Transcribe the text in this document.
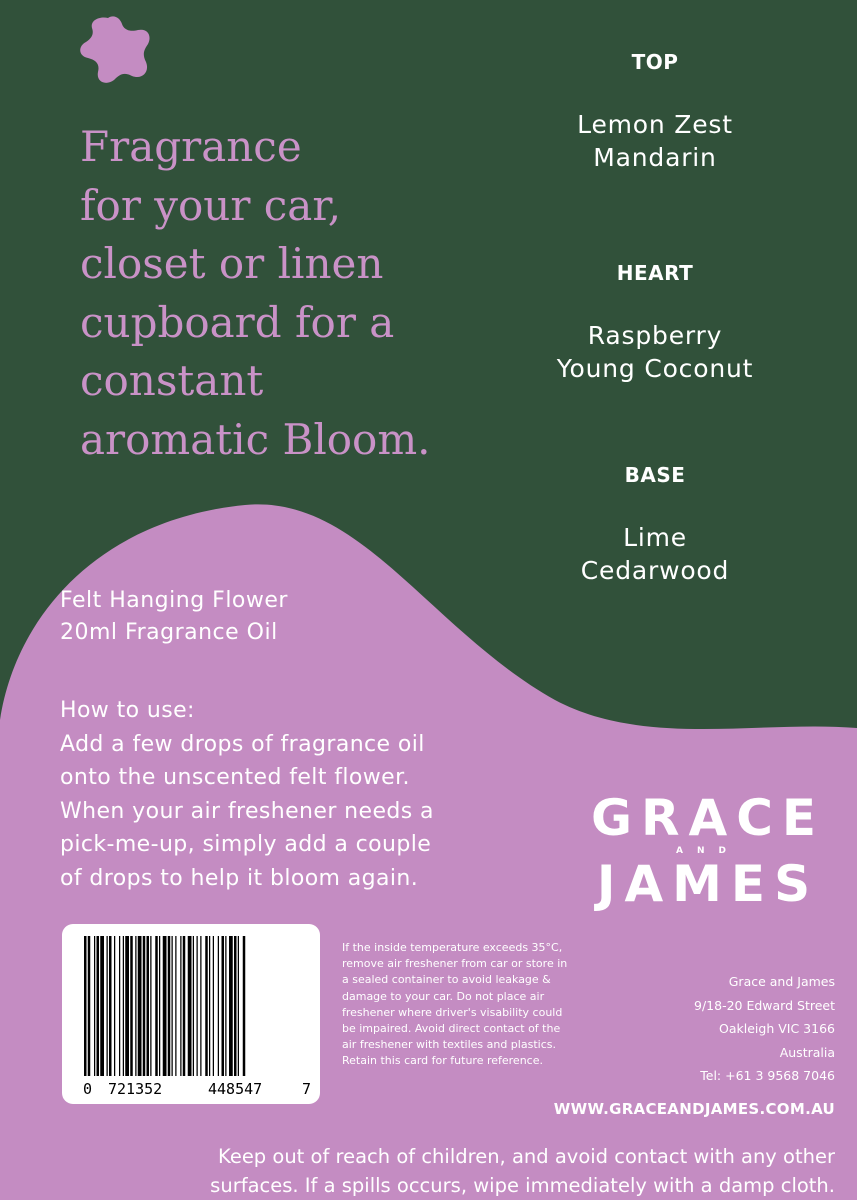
Fragrance
for your car,
closet or linen
cupboard for a
constant
aromatic Bloom.
TOP
Lemon Zest
Mandarin
HEART
Raspberry
Young Coconut
BASE
Lime
Cedarwood
Felt Hanging Flower
20ml Fragrance Oil
How to use:
Add a few drops of fragrance oil
onto the unscented felt flower.
When your air freshener needs a
pick-me-up, simply add a couple
of drops to help it bloom again.
GRACE
AND
JAMES
0 721352	448547	7
If the inside temperature exceeds 35°C,
remove air freshener from car or store in
a sealed container to avoid leakage &
damage to your car. Do not place air
freshener where driver's visability could
be impaired. Avoid direct contact of the
air freshener with textiles and plastics.
Retain this card for future reference.
Grace and James
9/18-20 Edward Street
Oakleigh VIC 3166
Australia
Tel: +61 3 9568 7046
WWW.GRACEANDJAMES.COM.AU
Keep out of reach of children, and avoid contact with any other
surfaces. If a spills occurs, wipe immediately with a damp cloth.
